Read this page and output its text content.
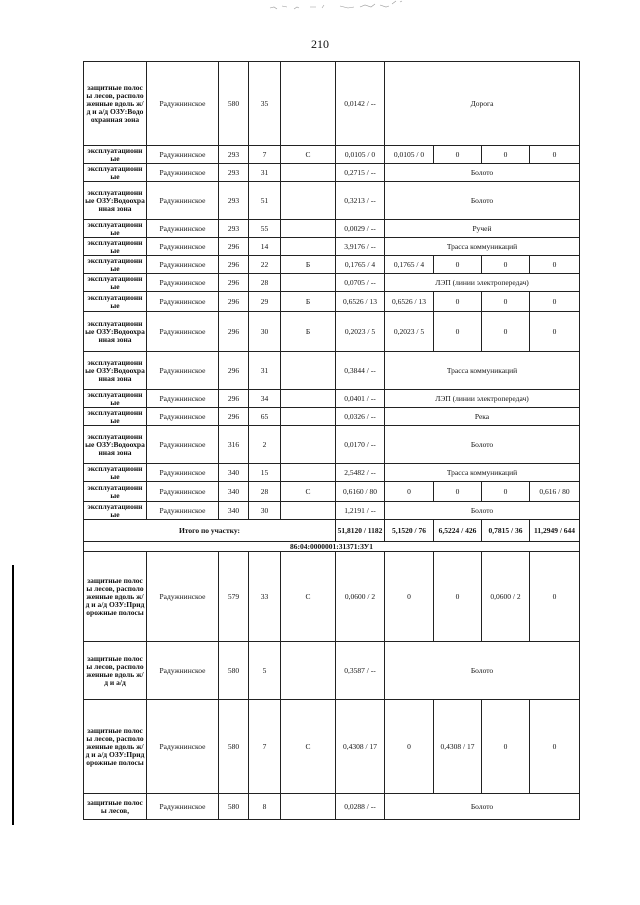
210
защитные полосы лесов, расположенные вдоль ж/д и а/д ОЗУ:Водоохранная зона	Радужнинское	580	35		0,0142 / --	Дорога			
эксплуатационные	Радужнинское	293	7	С	0,0105 / 0	0,0105 / 0	0	0	0
эксплуатационные	Радужнинское	293	31		0,2715 / --	Болото			
эксплуатационные ОЗУ:Водоохранная зона	Радужнинское	293	51		0,3213 / --	Болото			
эксплуатационные	Радужнинское	293	55		0,0029 / --	Ручей			
эксплуатационные	Радужнинское	296	14		3,9176 / --	Трасса коммуникаций			
эксплуатационные	Радужнинское	296	22	Б	0,1765 / 4	0,1765 / 4	0	0	0
эксплуатационные	Радужнинское	296	28		0,0705 / --	ЛЭП (линии электропередач)			
эксплуатационные	Радужнинское	296	29	Б	0,6526 / 13	0,6526 / 13	0	0	0
эксплуатационные ОЗУ:Водоохранная зона	Радужнинское	296	30	Б	0,2023 / 5	0,2023 / 5	0	0	0
эксплуатационные ОЗУ:Водоохранная зона	Радужнинское	296	31		0,3844 / --	Трасса коммуникаций			
эксплуатационные	Радужнинское	296	34		0,0401 / --	ЛЭП (линии электропередач)			
эксплуатационные	Радужнинское	296	65		0,0326 / --	Река			
эксплуатационные ОЗУ:Водоохранная зона	Радужнинское	316	2		0,0170 / --	Болото			
эксплуатационные	Радужнинское	340	15		2,5482 / --	Трасса коммуникаций			
эксплуатационные	Радужнинское	340	28	С	0,6160 / 80	0	0	0	0,616 / 80
эксплуатационные	Радужнинское	340	30		1,2191 / --	Болото			
Итого по участку:					51,8120 / 1182	5,1520 / 76	6,5224 / 426	0,7815 / 36	11,2949 / 644
86:04:0000001:31371:ЗУ1									
защитные полосы лесов, расположенные вдоль ж/д и а/д ОЗУ:Придорожные полосы	Радужнинское	579	33	С	0,0600 / 2	0	0	0,0600 / 2	0
защитные полосы лесов, расположенные вдоль ж/д и а/д	Радужнинское	580	5		0,3587 / --	Болото			
защитные полосы лесов, расположенные вдоль ж/д и а/д ОЗУ:Придорожные полосы	Радужнинское	580	7	С	0,4308 / 17	0	0,4308 / 17	0	0
защитные полосы лесов,	Радужнинское	580	8		0,0288 / --	Болото			
